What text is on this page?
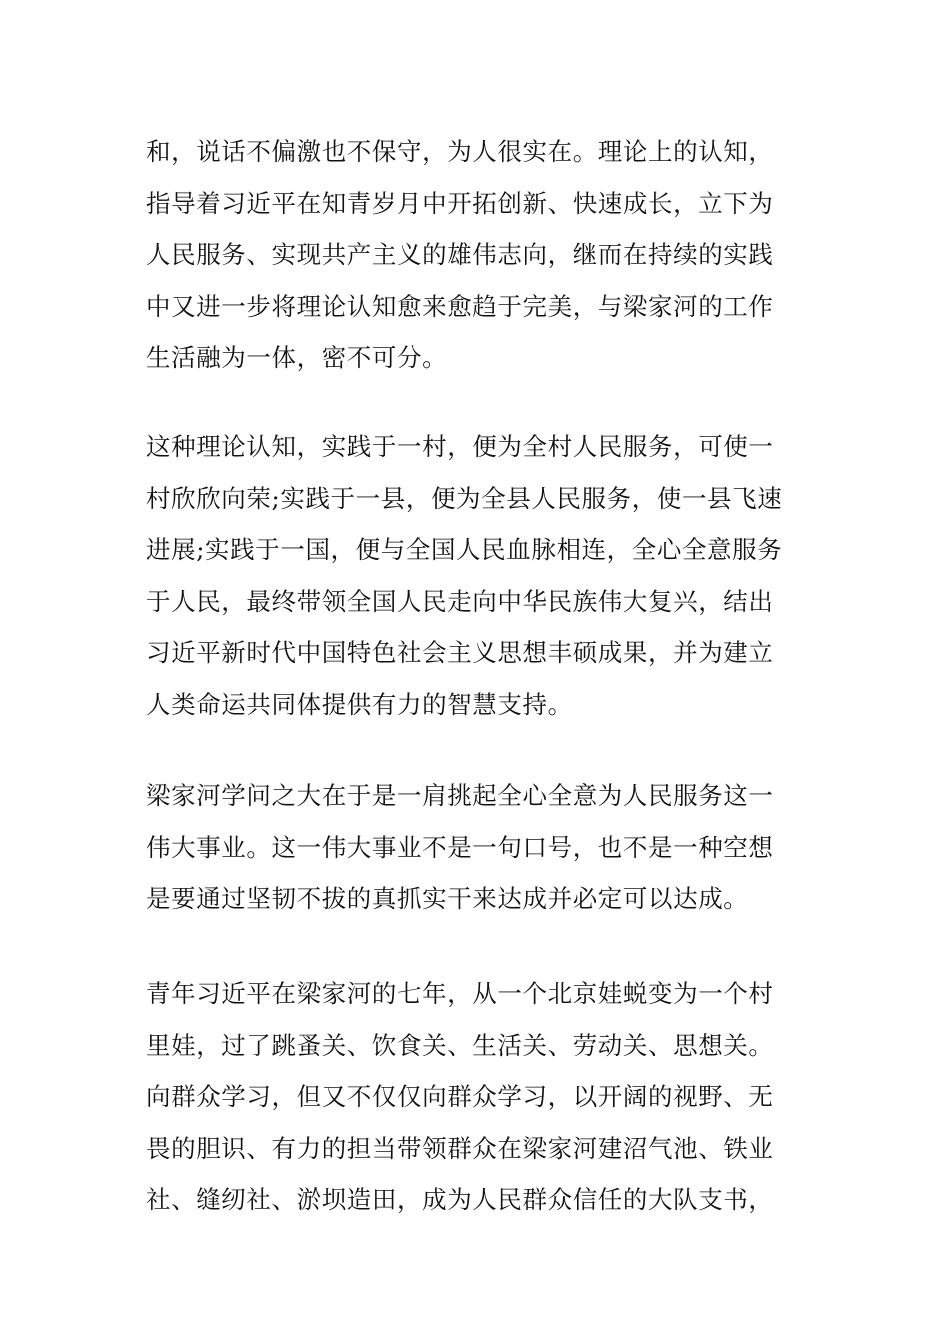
和，说话不偏激也不保守，为人很实在。理论上的认知，
指导着习近平在知青岁月中开拓创新、快速成长，立下为
人民服务、实现共产主义的雄伟志向，继而在持续的实践
中又进一步将理论认知愈来愈趋于完美，与梁家河的工作
生活融为一体，密不可分。

这种理论认知，实践于一村，便为全村人民服务，可使一
村欣欣向荣;实践于一县，便为全县人民服务，使一县飞速
进展;实践于一国，便与全国人民血脉相连，全心全意服务
于人民，最终带领全国人民走向中华民族伟大复兴，结出
习近平新时代中国特色社会主义思想丰硕成果，并为建立
人类命运共同体提供有力的智慧支持。

梁家河学问之大在于是一肩挑起全心全意为人民服务这一
伟大事业。这一伟大事业不是一句口号，也不是一种空想
是要通过坚韧不拔的真抓实干来达成并必定可以达成。

青年习近平在梁家河的七年，从一个北京娃蜕变为一个村
里娃，过了跳蚤关、饮食关、生活关、劳动关、思想关。
向群众学习，但又不仅仅向群众学习，以开阔的视野、无
畏的胆识、有力的担当带领群众在梁家河建沼气池、铁业
社、缝纫社、淤坝造田，成为人民群众信任的大队支书，
